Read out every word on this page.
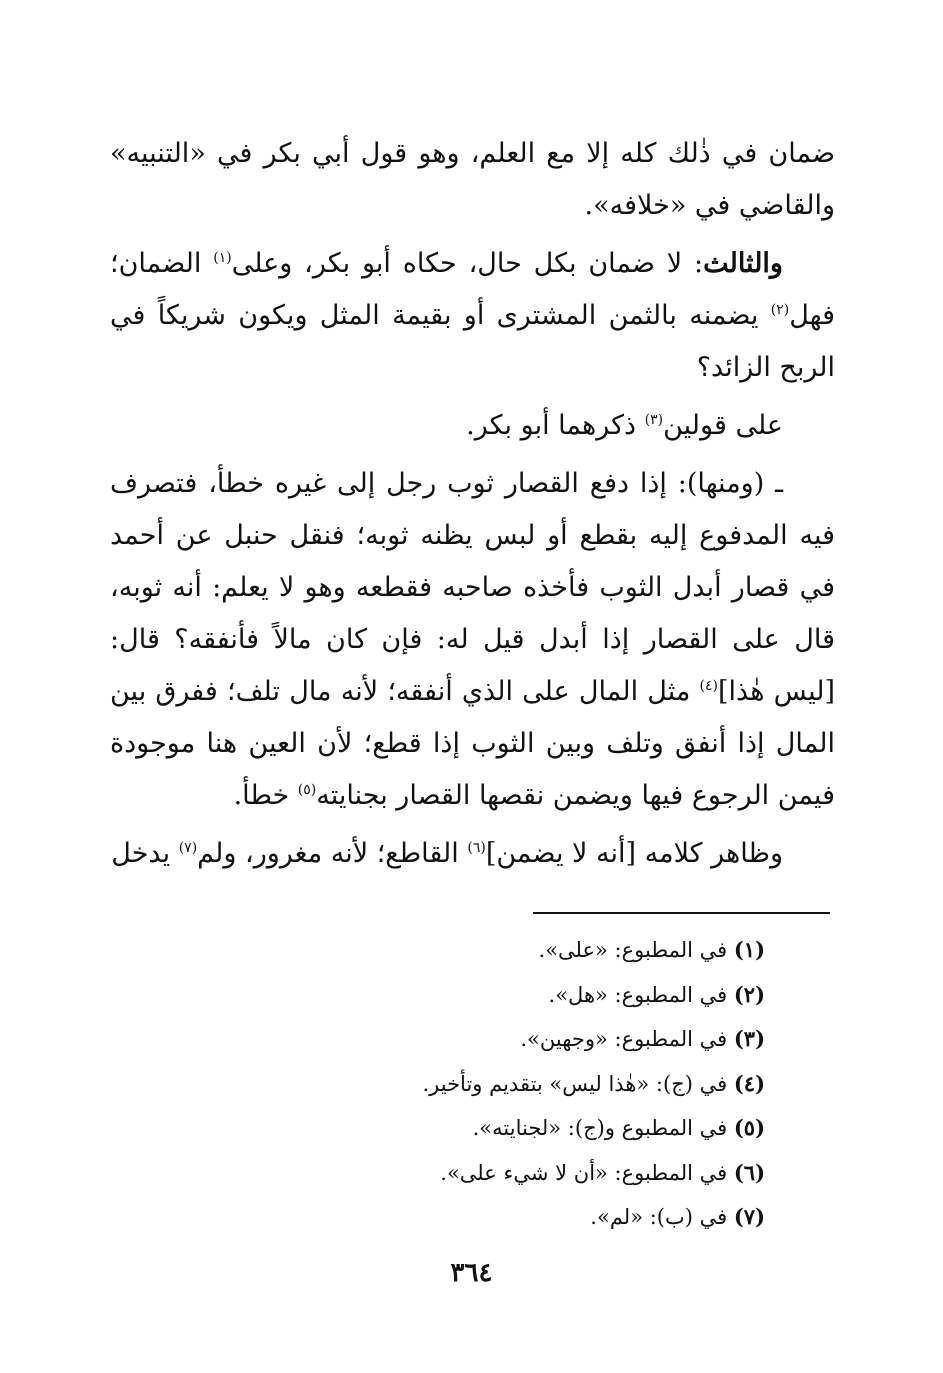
ضمان في ذٰلك كله إلا مع العلم، وهو قول أبي بكر في «التنبيه» والقاضي في «خلافه».

والثالث: لا ضمان بكل حال، حكاه أبو بكر، وعلى$^{(١)}$ الضمان؛ فهل$^{(٢)}$ يضمنه بالثمن المشترى أو بقيمة المثل ويكون شريكاً في الربح الزائد؟

على قولين$^{(٣)}$ ذكرهما أبو بكر.

ـ (ومنها): إذا دفع القصار ثوب رجل إلى غيره خطأ، فتصرف فيه المدفوع إليه بقطع أو لبس يظنه ثوبه؛ فنقل حنبل عن أحمد في قصار أبدل الثوب فأخذه صاحبه فقطعه وهو لا يعلم: أنه ثوبه، قال على القصار إذا أبدل قيل له: فإن كان مالاً فأنفقه؟ قال: [ليس هٰذا]$^{(٤)}$ مثل المال على الذي أنفقه؛ لأنه مال تلف؛ ففرق بين المال إذا أنفق وتلف وبين الثوب إذا قطع؛ لأن العين هنا موجودة فيمن الرجوع فيها ويضمن نقصها القصار بجنايته$^{(٥)}$ خطأ.

وظاهر كلامه [أنه لا يضمن]$^{(٦)}$ القاطع؛ لأنه مغرور، ولم$^{(٧)}$ يدخل

(١) في المطبوع: «على».
(٢) في المطبوع: «هل».
(٣) في المطبوع: «وجهين».
(٤) في (ج): «هٰذا ليس» بتقديم وتأخير.
(٥) في المطبوع و(ج): «لجنايته».
(٦) في المطبوع: «أن لا شيء على».
(٧) في (ب): «لم».
٣٦٤
